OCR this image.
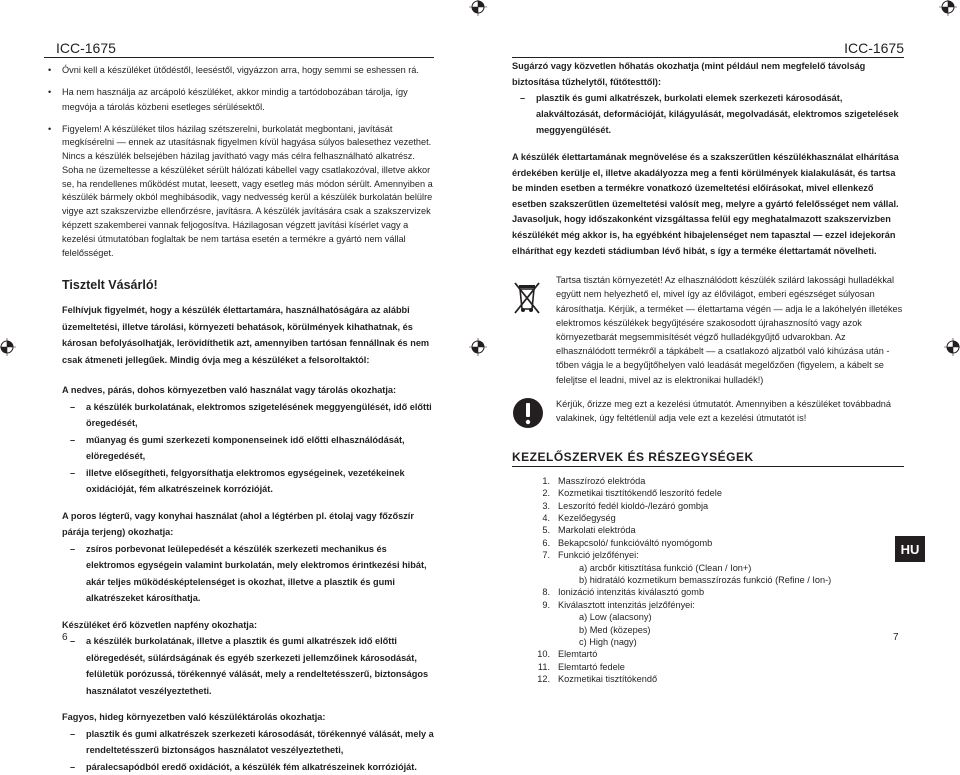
ICC-1675
• Óvni kell a készüléket ütődéstől, leeséstől, vigyázzon arra, hogy semmi se eshessen rá.
• Ha nem használja az arcápoló készüléket, akkor mindig a tartódobozában tárolja, így megvója a tárolás közbeni esetleges sérülésektől.
• Figyelem! A készüléket tilos házilag szétszerelni, burkolatát megbontani, javítását megkísérelni — ennek az utasításnak figyelmen kívül hagyása súlyos balesethez vezethet. Nincs a készülék belsejében házilag javítható vagy más célra felhasználható alkatrész. Soha ne üzemeltesse a készüléket sérült hálózati kábellel vagy csatlakozóval, illetve akkor se, ha rendellenes működést mutat, leesett, vagy esetleg más módon sérült. Amennyiben a készülék bármely okból meghibásodik, vagy nedvesség kerül a készülék burkolatán belülre vigye azt szakszervizbe ellenőrzésre, javításra. A készülék javítására csak a szakszervizek képzett szakemberei vannak feljogosítva. Házilagosan végzett javítási kísérlet vagy a kezelési útmutatóban foglaltak be nem tartása esetén a termékre a gyártó nem vállal felelősséget.
Tisztelt Vásárló!
Felhívjuk figyelmét, hogy a készülék élettartamára, használhatóságára az alábbi üzemeltetési, illetve tárolási, környezeti behatások, körülmények kihathatnak, és károsan befolyásolhatják, lerövidíthetik azt, amennyiben tartósan fennállnak és nem csak átmeneti jellegűek. Mindig óvja meg a készüléket a felsoroltaktól:
A nedves, párás, dohos környezetben való használat vagy tárolás okozhatja:
– a készülék burkolatának, elektromos szigetelésének meggyengülését, idő előtti öregedését,
– műanyag és gumi szerkezeti komponenseinek idő előtti elhasználódását, elöregedését,
– illetve elősegítheti, felgyorsíthatja elektromos egységeinek, vezetékeinek oxidációját, fém alkatrészeinek korrózióját.
A poros légterű, vagy konyhai használat (ahol a légtérben pl. étolaj vagy főzőszír párája terjeng) okozhatja:
– zsíros porbevonat leülepedését a készülék szerkezeti mechanikus és elektromos egységein valamint burkolatán, mely elektromos érintkezési hibát, akár teljes működésképtelenséget is okozhat, illetve a plasztik és gumi alkatrészeket károsíthatja.
Készüléket érő közvetlen napfény okozhatja:
– a készülék burkolatának, illetve a plasztik és gumi alkatrészek idő előtti elöregedését, sülárdságának és egyéb szerkezeti jellemzőinek károsodását, felületük porózussá, törékennyé válását, mely a rendeltetésszerű, biztonságos használatot veszélyeztetheti.
Fagyos, hideg környezetben való készüléktárolás okozhatja:
– plasztik és gumi alkatrészek szerkezeti károsodását, törékennyé válását, mely a rendeltetésszerű biztonságos használatot veszélyeztetheti,
– páralecsapódból eredő oxidációt, a készülék fém alkatrészeinek korrózióját.
6
ICC-1675
Sugárzó vagy közvetlen hőhatás okozhatja (mint például nem megfelelő távolság biztosítása tűzhelytől, fűtőtesttől):
– plasztik és gumi alkatrészek, burkolati elemek szerkezeti károsodását, alakváltozását, deformációját, kilágyulását, megolvadását, elektromos szigetelések meggyengülését.
A készülék élettartamának megnövelése és a szakszerűtlen készülékhasználat elhárítása érdekében kerülje el, illetve akadályozza meg a fenti körülmények kialakulását, és tartsa be minden esetben a termékre vonatkozó üzemeltetési előírásokat, mivel ellenkező esetben szakszerűtlen üzemeltetési valósít meg, melyre a gyártó felelősséget nem vállal. Javasoljuk, hogy időszakonként vizsgáltassa felül egy meghatalmazott szakszervizben készülékét még akkor is, ha egyébként hibajelenséget nem tapasztal — ezzel idejekorán elháríthat egy kezdeti stádiumban lévő hibát, s így a terméke élettartamát növelheti.
Tartsa tisztán környezetét! Az elhasználódott készülék szilárd lakossági hulladékkal együtt nem helyezhető el, mivel így az élővilágot, emberi egészséget súlyosan károsíthatja. Kérjük, a terméket — élettartama végén — adja le a lakóhelyén illetékes elektromos készülékek begyűjtésére szakosodott újrahasznosító vagy azok környezetbarát megsemmisítését végző hulladékgyűjtő udvarokban. Az elhasználódott termékről a tápkábelt — a csatlakozó aljzatból való kihúzása után - tőben vágja le a begyűjtőhelyen való leadását megelőzően (figyelem, a kábelt se feleljtse el leadni, mivel az is elektronikai hulladék!)
Kérjük, őrizze meg ezt a kezelési útmutatót. Amennyiben a készüléket továbbadná valakinek, úgy feltétlenül adja vele ezt a kezelési útmutatót is!
KEZELŐSZERVEK ÉS RÉSZEGYSÉGEK
1. Masszírozó elektróda
2. Kozmetikai tisztítókendő leszorító fedele
3. Leszorító fedél kioldó-/lezáró gombja
4. Kezelőegység
5. Markolati elektróda
6. Bekapcsoló/ funkcióváltó nyomógomb
7. Funkció jelzőfényei:
a) arcbőr kitisztítása funkció (Clean / Ion+)
b) hidratáló kozmetikum bemasszírozás funkció (Refine / Ion-)
8. Ionizáció intenzitás kiválasztó gomb
9. Kiválasztott intenzitás jelzőfényei:
a) Low (alacsony)
b) Med (közepes)
c) High (nagy)
10. Elemtartó
11. Elemtartó fedele
12. Kozmetikai tisztítókendő
HU
7
